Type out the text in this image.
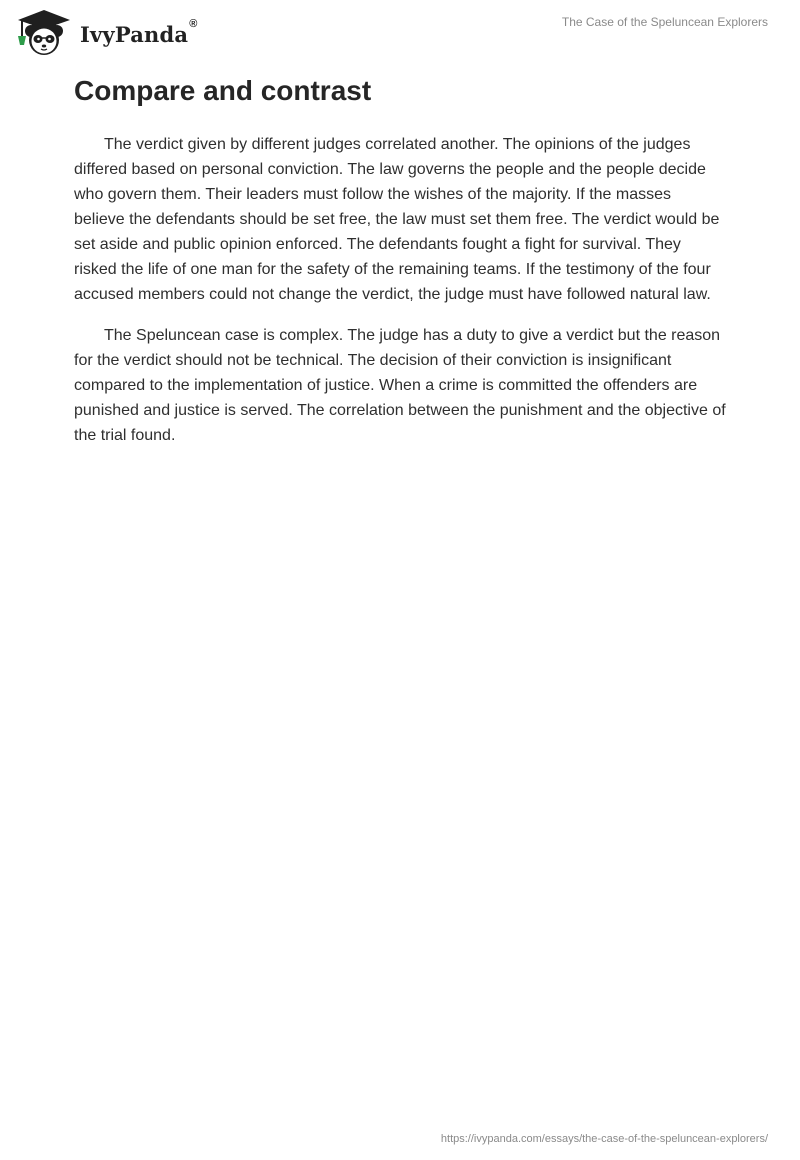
IvyPanda®	The Case of the Speluncean Explorers
Compare and contrast

The verdict given by different judges correlated another. The opinions of the judges differed based on personal conviction. The law governs the people and the people decide who govern them. Their leaders must follow the wishes of the majority. If the masses believe the defendants should be set free, the law must set them free. The verdict would be set aside and public opinion enforced. The defendants fought a fight for survival. They risked the life of one man for the safety of the remaining teams. If the testimony of the four accused members could not change the verdict, the judge must have followed natural law.

The Speluncean case is complex. The judge has a duty to give a verdict but the reason for the verdict should not be technical. The decision of their conviction is insignificant compared to the implementation of justice. When a crime is committed the offenders are punished and justice is served. The correlation between the punishment and the objective of the trial found.

https://ivypanda.com/essays/the-case-of-the-speluncean-explorers/
